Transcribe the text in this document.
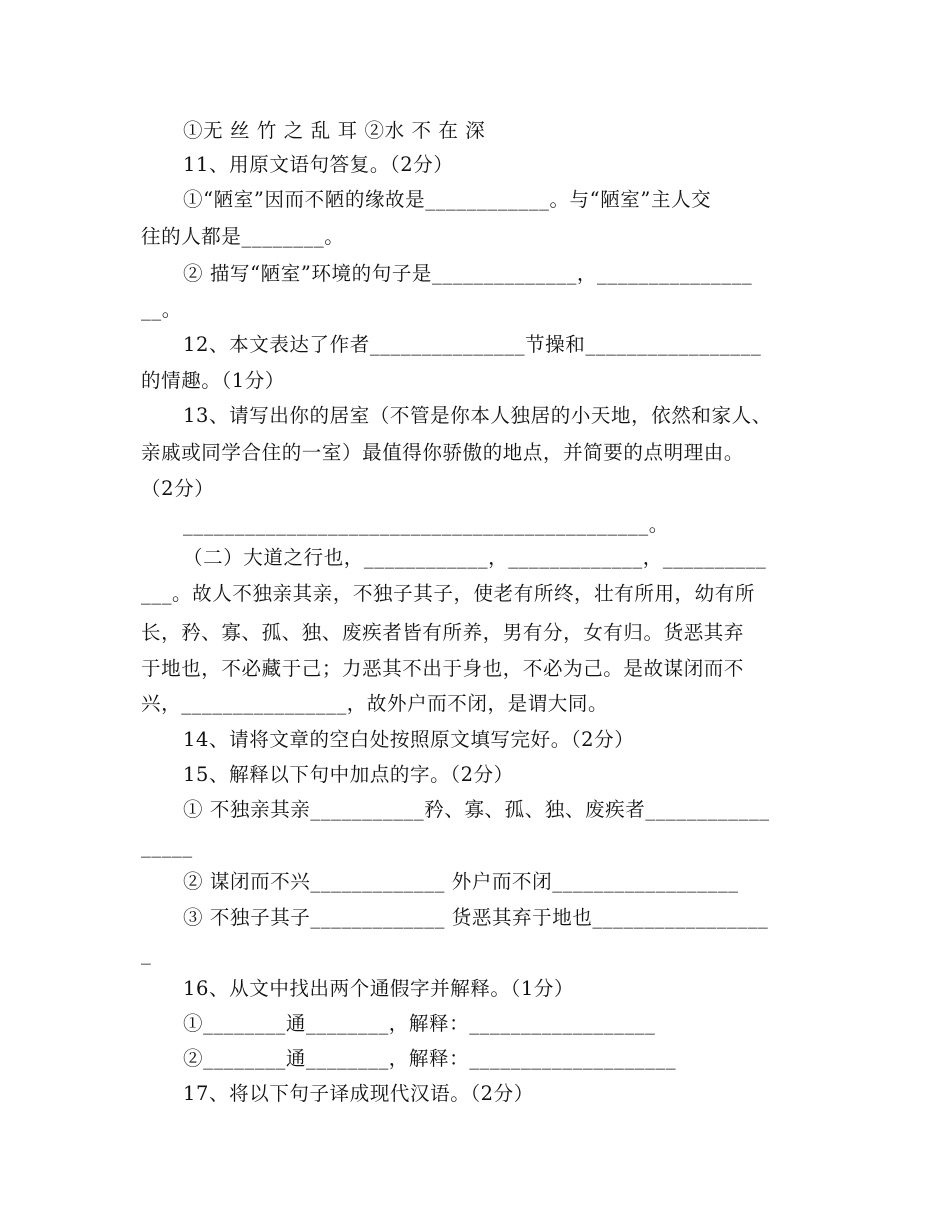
①无 丝 竹 之 乱 耳 ②水 不 在 深
11、用原文语句答复。（2分）
①“陋室”因而不陋的缘故是____________。与“陋室”主人交
往的人都是________。
② 描写“陋室”环境的句子是______________，_______________
__。
12、本文表达了作者_______________节操和_________________
的情趣。（1分）
13、请写出你的居室（不管是你本人独居的小天地，依然和家人、
亲戚或同学合住的一室）最值得你骄傲的地点，并简要的点明理由。
（2分）
_____________________________________________。
（二）大道之行也，____________，_____________，__________
___。故人不独亲其亲，不独子其子，使老有所终，壮有所用，幼有所
长，矜、寡、孤、独、废疾者皆有所养，男有分，女有归。货恶其弃
于地也，不必藏于己；力恶其不出于身也，不必为己。是故谋闭而不
兴，________________，故外户而不闭，是谓大同。
14、请将文章的空白处按照原文填写完好。（2分）
15、解释以下句中加点的字。（2分）
① 不独亲其亲___________矜、寡、孤、独、废疾者____________
_____
② 谋闭而不兴_____________ 外户而不闭__________________
③ 不独子其子_____________ 货恶其弃于地也_________________
_
16、从文中找出两个通假字并解释。（1分）
①________通________，解释：__________________
②________通________，解释：____________________
17、将以下句子译成现代汉语。（2分）
